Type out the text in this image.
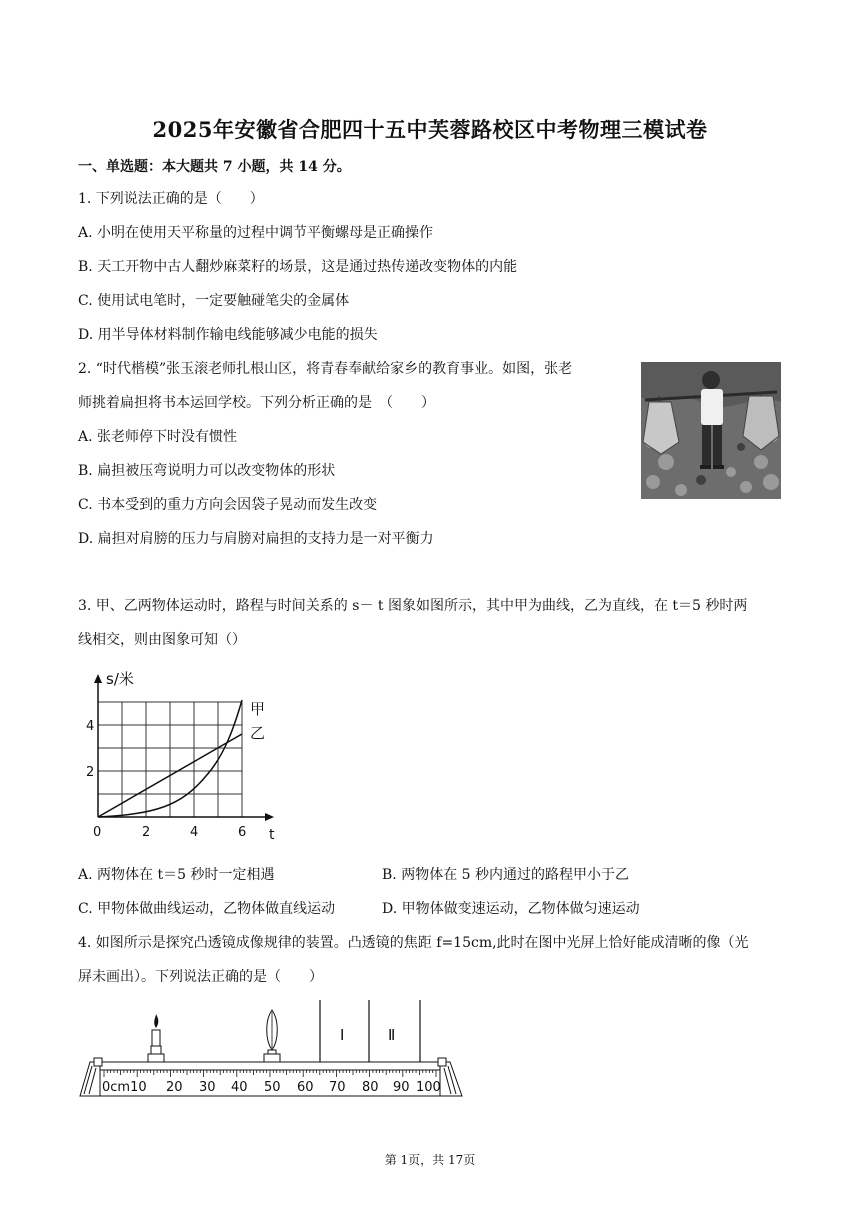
2025年安徽省合肥四十五中芙蓉路校区中考物理三模试卷
一、单选题：本大题共 7 小题，共 14 分。
1. 下列说法正确的是（　　）
A. 小明在使用天平称量的过程中调节平衡螺母是正确操作
B. 天工开物中古人翻炒麻菜籽的场景，这是通过热传递改变物体的内能
C. 使用试电笔时，一定要触碰笔尖的金属体
D. 用半导体材料制作输电线能够减少电能的损失
2. “时代楷模”张玉滚老师扎根山区，将青春奉献给家乡的教育事业。如图，张老
师挑着扁担将书本运回学校。下列分析正确的是　（　　）
A. 张老师停下时没有惯性
B. 扁担被压弯说明力可以改变物体的形状
C. 书本受到的重力方向会因袋子晃动而发生改变
D. 扁担对肩膀的压力与肩膀对扁担的支持力是一对平衡力
3. 甲、乙两物体运动时，路程与时间关系的 s－ t 图象如图所示，其中甲为曲线，乙为直线，在 t＝5 秒时两
线相交，则由图象可知（）
s/米
t
0	2	4	6
2
4
甲
乙
A. 两物体在 t＝5 秒时一定相遇	B. 两物体在 5 秒内通过的路程甲小于乙
C. 甲物体做曲线运动，乙物体做直线运动	D. 甲物体做变速运动，乙物体做匀速运动
4. 如图所示是探究凸透镜成像规律的装置。凸透镜的焦距 f=15cm,此时在图中光屏上恰好能成清晰的像（光
屏未画出）。下列说法正确的是（　　）
Ⅰ	Ⅱ
0cm10 20 30 40 50 60 70 80 90 100
第 1页，共 17页
